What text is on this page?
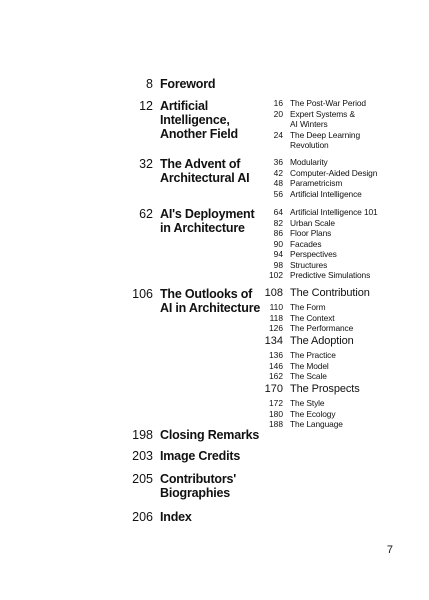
8 Foreword
12 Artificial
Intelligence,
Another Field
32 The Advent of
Architectural AI
62 AI's Deployment
in Architecture
106 The Outlooks of
AI in Architecture
198 Closing Remarks
203 Image Credits
205 Contributors'
Biographies
206 Index
16 The Post-War Period
20 Expert Systems &
AI Winters
24 The Deep Learning
Revolution
36 Modularity
42 Computer-Aided Design
48 Parametricism
56 Artificial Intelligence
64 Artificial Intelligence 101
82 Urban Scale
86 Floor Plans
90 Facades
94 Perspectives
98 Structures
102 Predictive Simulations
108 The Contribution
110 The Form
118 The Context
126 The Performance
134 The Adoption
136 The Practice
146 The Model
162 The Scale
170 The Prospects
172 The Style
180 The Ecology
188 The Language
7
